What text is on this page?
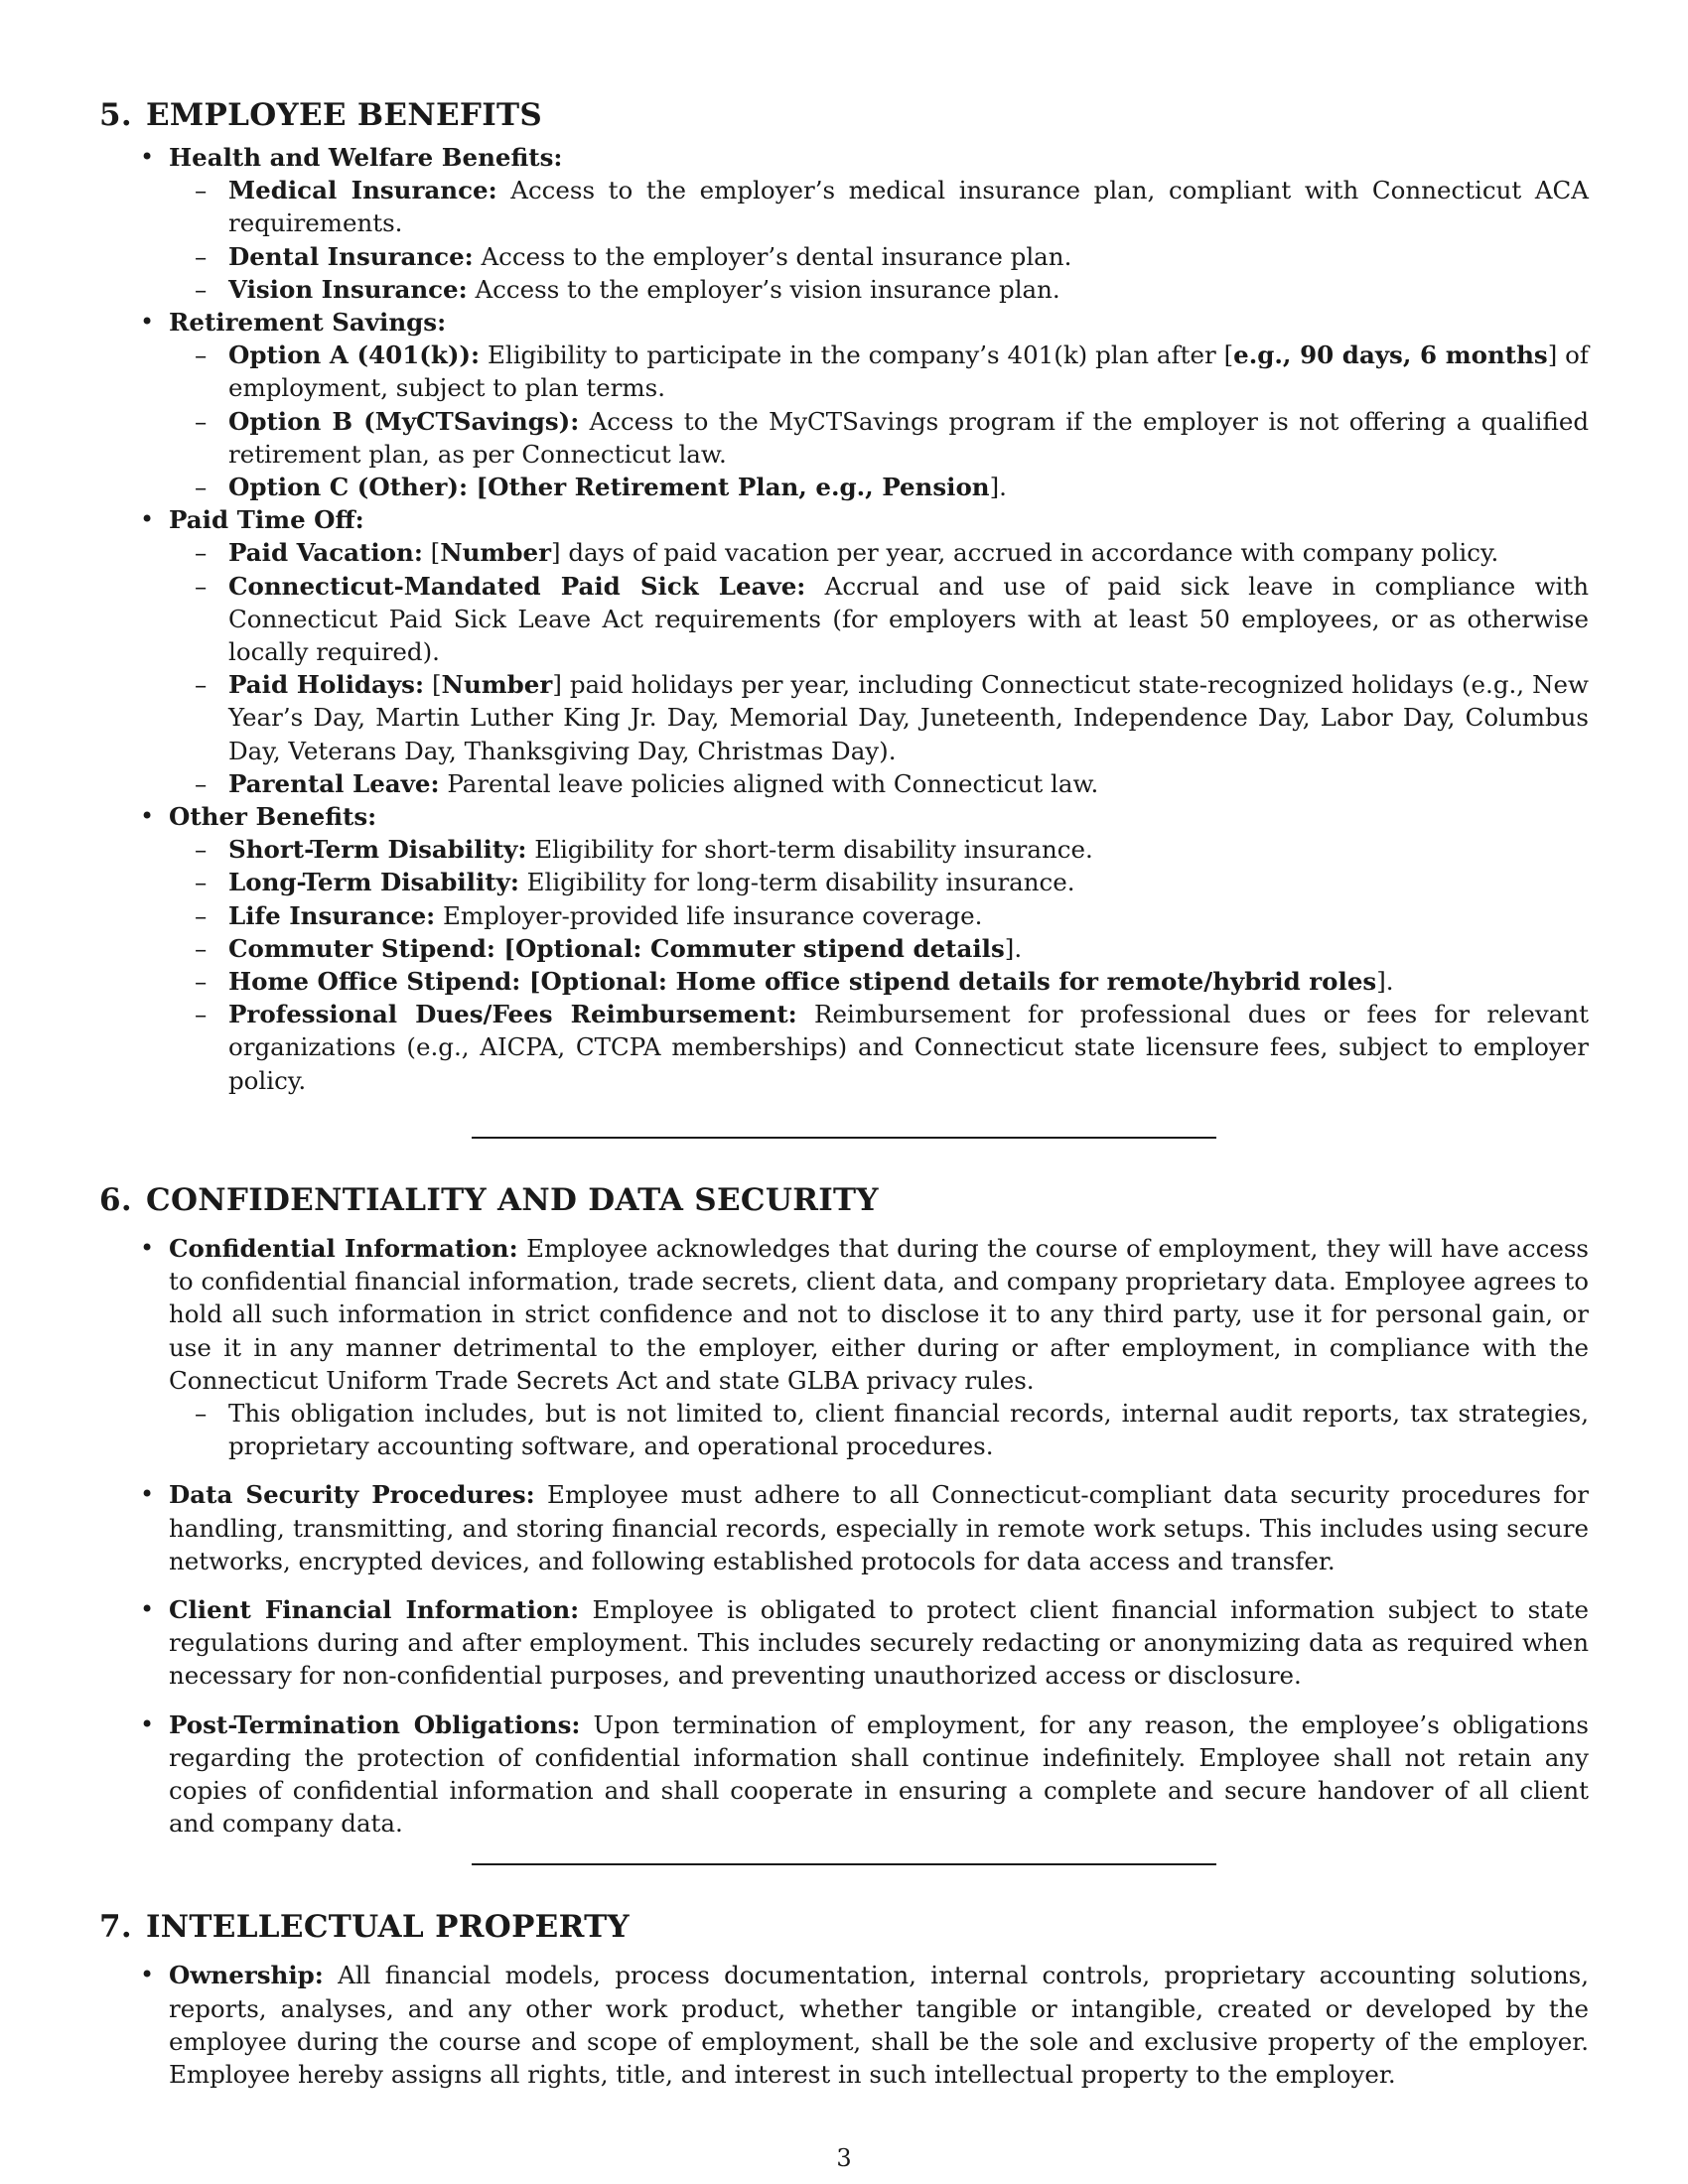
5. EMPLOYEE BENEFITS
• Health and Welfare Benefits:
– Medical Insurance: Access to the employer’s medical insurance plan, compliant with Connecticut ACA requirements.
– Dental Insurance: Access to the employer’s dental insurance plan.
– Vision Insurance: Access to the employer’s vision insurance plan.
• Retirement Savings:
– Option A (401(k)): Eligibility to participate in the company’s 401(k) plan after [e.g., 90 days, 6 months] of employment, subject to plan terms.
– Option B (MyCTSavings): Access to the MyCTSavings program if the employer is not offering a qualified retirement plan, as per Connecticut law.
– Option C (Other): [Other Retirement Plan, e.g., Pension].
• Paid Time Off:
– Paid Vacation: [Number] days of paid vacation per year, accrued in accordance with company policy.
– Connecticut-Mandated Paid Sick Leave: Accrual and use of paid sick leave in compliance with Connecticut Paid Sick Leave Act requirements (for employers with at least 50 employees, or as otherwise locally required).
– Paid Holidays: [Number] paid holidays per year, including Connecticut state-recognized holidays (e.g., New Year’s Day, Martin Luther King Jr. Day, Memorial Day, Juneteenth, Independence Day, Labor Day, Columbus Day, Veterans Day, Thanksgiving Day, Christmas Day).
– Parental Leave: Parental leave policies aligned with Connecticut law.
• Other Benefits:
– Short-Term Disability: Eligibility for short-term disability insurance.
– Long-Term Disability: Eligibility for long-term disability insurance.
– Life Insurance: Employer-provided life insurance coverage.
– Commuter Stipend: [Optional: Commuter stipend details].
– Home Office Stipend: [Optional: Home office stipend details for remote/hybrid roles].
– Professional Dues/Fees Reimbursement: Reimbursement for professional dues or fees for relevant organizations (e.g., AICPA, CTCPA memberships) and Connecticut state licensure fees, subject to employer policy.
6. CONFIDENTIALITY AND DATA SECURITY
• Confidential Information: Employee acknowledges that during the course of employment, they will have access to confidential financial information, trade secrets, client data, and company proprietary data. Employee agrees to hold all such information in strict confidence and not to disclose it to any third party, use it for personal gain, or use it in any manner detrimental to the employer, either during or after employment, in compliance with the Connecticut Uniform Trade Secrets Act and state GLBA privacy rules.
– This obligation includes, but is not limited to, client financial records, internal audit reports, tax strategies, proprietary accounting software, and operational procedures.
• Data Security Procedures: Employee must adhere to all Connecticut-compliant data security procedures for handling, transmitting, and storing financial records, especially in remote work setups. This includes using secure networks, encrypted devices, and following established protocols for data access and transfer.
• Client Financial Information: Employee is obligated to protect client financial information subject to state regulations during and after employment. This includes securely redacting or anonymizing data as required when necessary for non-confidential purposes, and preventing unauthorized access or disclosure.
• Post-Termination Obligations: Upon termination of employment, for any reason, the employee’s obligations regarding the protection of confidential information shall continue indefinitely. Employee shall not retain any copies of confidential information and shall cooperate in ensuring a complete and secure handover of all client and company data.
7. INTELLECTUAL PROPERTY
• Ownership: All financial models, process documentation, internal controls, proprietary accounting solutions, reports, analyses, and any other work product, whether tangible or intangible, created or developed by the employee during the course and scope of employment, shall be the sole and exclusive property of the employer. Employee hereby assigns all rights, title, and interest in such intellectual property to the employer.
3
